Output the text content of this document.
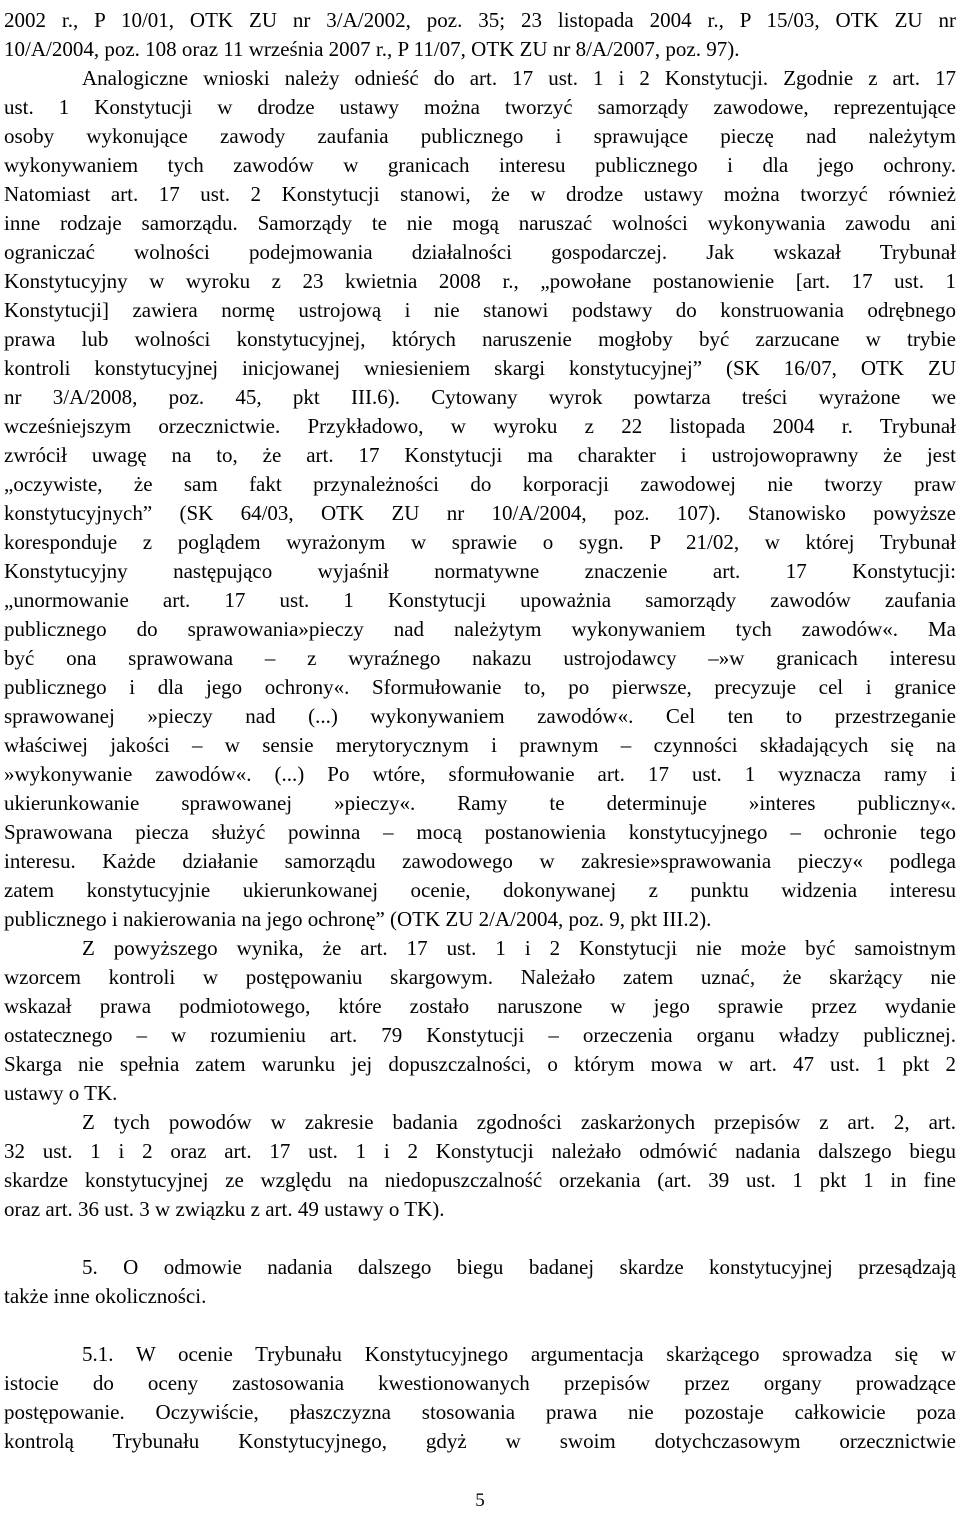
2002 r., P 10/01, OTK ZU nr 3/A/2002, poz. 35; 23 listopada 2004 r., P 15/03, OTK ZU nr
10/A/2004, poz. 108 oraz 11 września 2007 r., P 11/07, OTK ZU nr 8/A/2007, poz. 97).
Analogiczne wnioski należy odnieść do art. 17 ust. 1 i 2 Konstytucji. Zgodnie z art. 17
ust. 1 Konstytucji w drodze ustawy można tworzyć samorządy zawodowe, reprezentujące
osoby wykonujące zawody zaufania publicznego i sprawujące pieczę nad należytym
wykonywaniem tych zawodów w granicach interesu publicznego i dla jego ochrony.
Natomiast art. 17 ust. 2 Konstytucji stanowi, że w drodze ustawy można tworzyć również
inne rodzaje samorządu. Samorządy te nie mogą naruszać wolności wykonywania zawodu ani
ograniczać wolności podejmowania działalności gospodarczej. Jak wskazał Trybunał
Konstytucyjny w wyroku z 23 kwietnia 2008 r., „powołane postanowienie [art. 17 ust. 1
Konstytucji] zawiera normę ustrojową i nie stanowi podstawy do konstruowania odrębnego
prawa lub wolności konstytucyjnej, których naruszenie mogłoby być zarzucane w trybie
kontroli konstytucyjnej inicjowanej wniesieniem skargi konstytucyjnej” (SK 16/07, OTK ZU
nr 3/A/2008, poz. 45, pkt III.6). Cytowany wyrok powtarza treści wyrażone we
wcześniejszym orzecznictwie. Przykładowo, w wyroku z 22 listopada 2004 r. Trybunał
zwrócił uwagę na to, że art. 17 Konstytucji ma charakter i ustrojowoprawny że jest
„oczywiste, że sam fakt przynależności do korporacji zawodowej nie tworzy praw
konstytucyjnych” (SK 64/03, OTK ZU nr 10/A/2004, poz. 107). Stanowisko powyższe
koresponduje z poglądem wyrażonym w sprawie o sygn. P 21/02, w której Trybunał
Konstytucyjny następująco wyjaśnił normatywne znaczenie art. 17 Konstytucji:
„unormowanie art. 17 ust. 1 Konstytucji upoważnia samorządy zawodów zaufania
publicznego do sprawowania»pieczy nad należytym wykonywaniem tych zawodów«. Ma
być ona sprawowana – z wyraźnego nakazu ustrojodawcy –»w granicach interesu
publicznego i dla jego ochrony«. Sformułowanie to, po pierwsze, precyzuje cel i granice
sprawowanej »pieczy nad (...) wykonywaniem zawodów«. Cel ten to przestrzeganie
właściwej jakości – w sensie merytorycznym i prawnym – czynności składających się na
»wykonywanie zawodów«. (...) Po wtóre, sformułowanie art. 17 ust. 1 wyznacza ramy i
ukierunkowanie sprawowanej »pieczy«. Ramy te determinuje »interes publiczny«.
Sprawowana piecza służyć powinna – mocą postanowienia konstytucyjnego – ochronie tego
interesu. Każde działanie samorządu zawodowego w zakresie»sprawowania pieczy« podlega
zatem konstytucyjnie ukierunkowanej ocenie, dokonywanej z punktu widzenia interesu
publicznego i nakierowania na jego ochronę” (OTK ZU 2/A/2004, poz. 9, pkt III.2).
Z powyższego wynika, że art. 17 ust. 1 i 2 Konstytucji nie może być samoistnym
wzorcem kontroli w postępowaniu skargowym. Należało zatem uznać, że skarżący nie
wskazał prawa podmiotowego, które zostało naruszone w jego sprawie przez wydanie
ostatecznego – w rozumieniu art. 79 Konstytucji – orzeczenia organu władzy publicznej.
Skarga nie spełnia zatem warunku jej dopuszczalności, o którym mowa w art. 47 ust. 1 pkt 2
ustawy o TK.
Z tych powodów w zakresie badania zgodności zaskarżonych przepisów z art. 2, art.
32 ust. 1 i 2 oraz art. 17 ust. 1 i 2 Konstytucji należało odmówić nadania dalszego biegu
skardze konstytucyjnej ze względu na niedopuszczalność orzekania (art. 39 ust. 1 pkt 1 in fine
oraz art. 36 ust. 3 w związku z art. 49 ustawy o TK).
5. O odmowie nadania dalszego biegu badanej skardze konstytucyjnej przesądzają
także inne okoliczności.
5.1. W ocenie Trybunału Konstytucyjnego argumentacja skarżącego sprowadza się w
istocie do oceny zastosowania kwestionowanych przepisów przez organy prowadzące
postępowanie. Oczywiście, płaszczyzna stosowania prawa nie pozostaje całkowicie poza
kontrolą Trybunału Konstytucyjnego, gdyż w swoim dotychczasowym orzecznictwie
5
